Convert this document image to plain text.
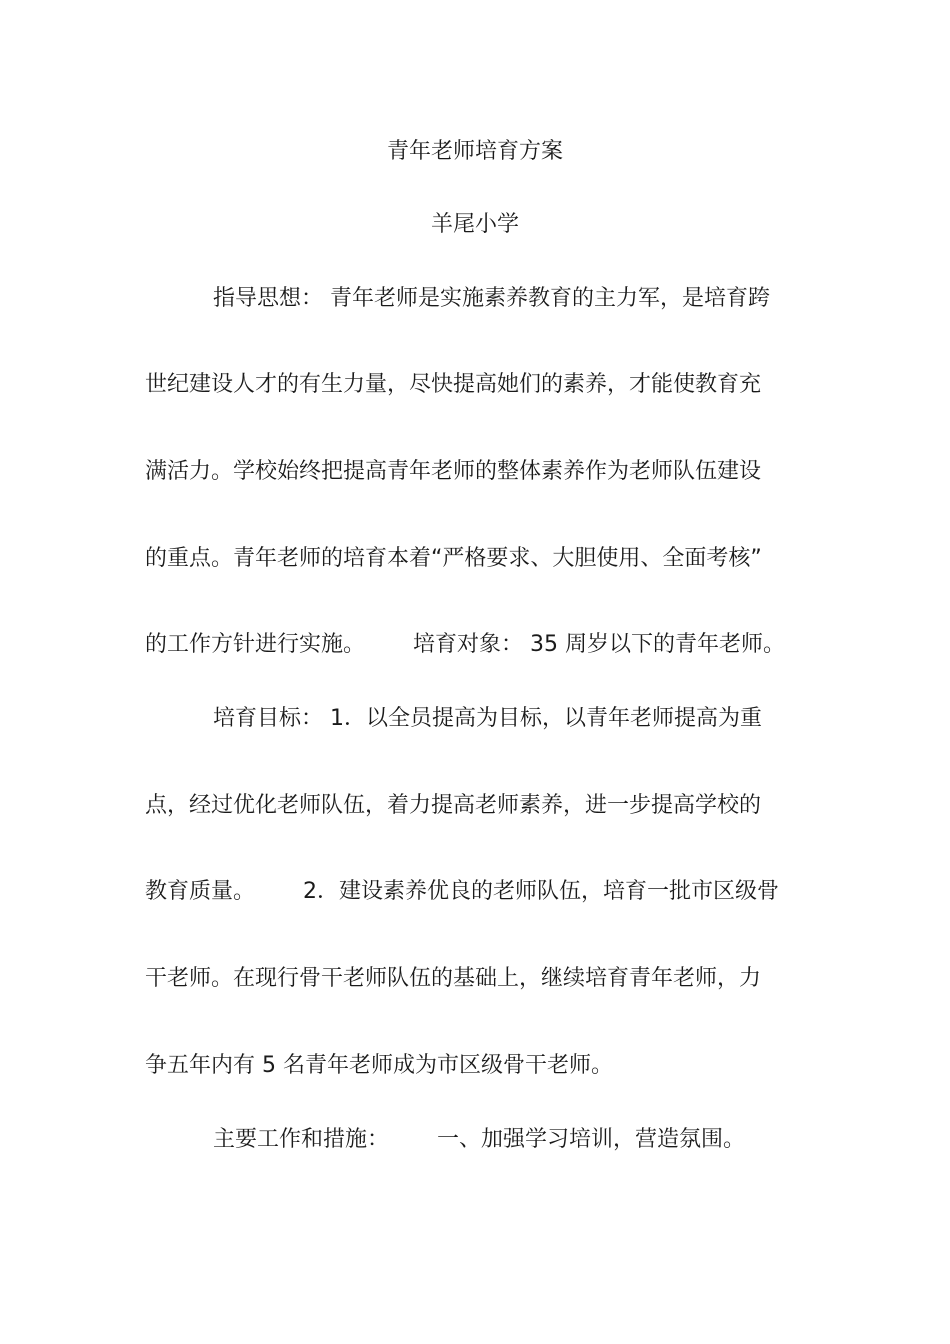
青年老师培育方案
羊尾小学
指导思想： 青年老师是实施素养教育的主力军，是培育跨
世纪建设人才的有生力量，尽快提高她们的素养，才能使教育充
满活力。学校始终把提高青年老师的整体素养作为老师队伍建设
的重点。青年老师的培育本着“严格要求、大胆使用、全面考核”
的工作方针进行实施。 培育对象： 35 周岁以下的青年老师。
培育目标： 1．以全员提高为目标，以青年老师提高为重
点，经过优化老师队伍，着力提高老师素养，进一步提高学校的
教育质量。 2．建设素养优良的老师队伍，培育一批市区级骨
干老师。在现行骨干老师队伍的基础上，继续培育青年老师，力
争五年内有 5 名青年老师成为市区级骨干老师。
主要工作和措施： 一、加强学习培训，营造氛围。
